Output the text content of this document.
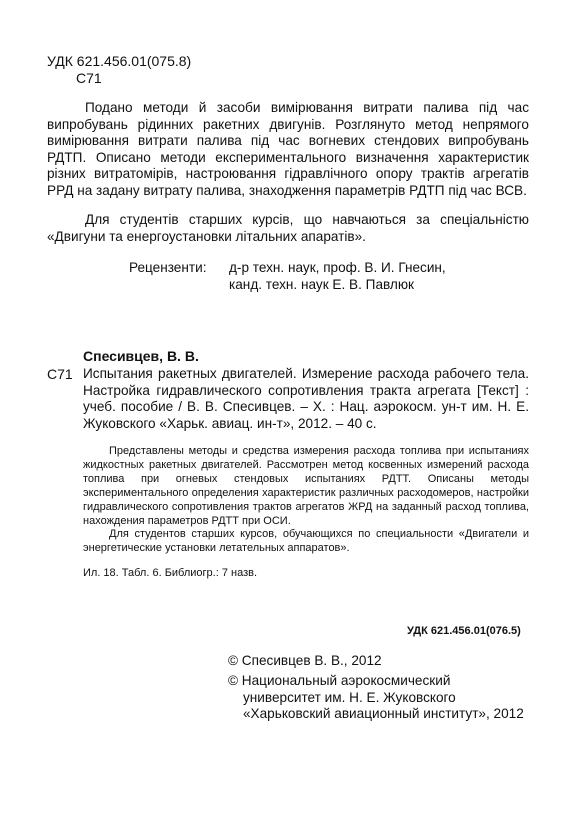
УДК 621.456.01(075.8)
С71
Подано методи й засоби вимірювання витрати палива під час випробувань рідинних ракетних двигунів. Розглянуто метод непрямого вимірювання витрати палива під час вогневих стендових випробувань РДТП. Описано методи експериментального визначення характеристик різних витратомірів, настроювання гідравлічного опору трактів агрегатів РРД на задану витрату палива, знаходження параметрів РДТП під час ВСВ.
Для студентів старших курсів, що навчаються за спеціальністю «Двигуни та енергоустановки літальних апаратів».
Рецензенти:	д-р техн. наук, проф. В. И. Гнесин,
канд. техн. наук Е. В. Павлюк
Спесивцев, В. В.
С71 Испытания ракетных двигателей. Измерение расхода рабочего тела. Настройка гидравлического сопротивления тракта агрегата [Текст] : учеб. пособие / В. В. Спесивцев. – Х. : Нац. аэрокосм. ун-т им. Н. Е. Жуковского «Харьк. авиац. ин-т», 2012. – 40 с.
Представлены методы и средства измерения расхода топлива при испытаниях жидкостных ракетных двигателей. Рассмотрен метод косвенных измерений расхода топлива при огневых стендовых испытаниях РДТТ. Описаны методы экспериментального определения характеристик различных расходомеров, настройки гидравлического сопротивления трактов агрегатов ЖРД на заданный расход топлива, нахождения параметров РДТТ при ОСИ.
Для студентов старших курсов, обучающихся по специальности «Двигатели и энергетические установки летательных аппаратов».
Ил. 18. Табл. 6. Библиогр.: 7 назв.
УДК 621.456.01(076.5)
© Спесивцев В. В., 2012
© Национальный аэрокосмический
университет им. Н. Е. Жуковского
«Харьковский авиационный институт», 2012
